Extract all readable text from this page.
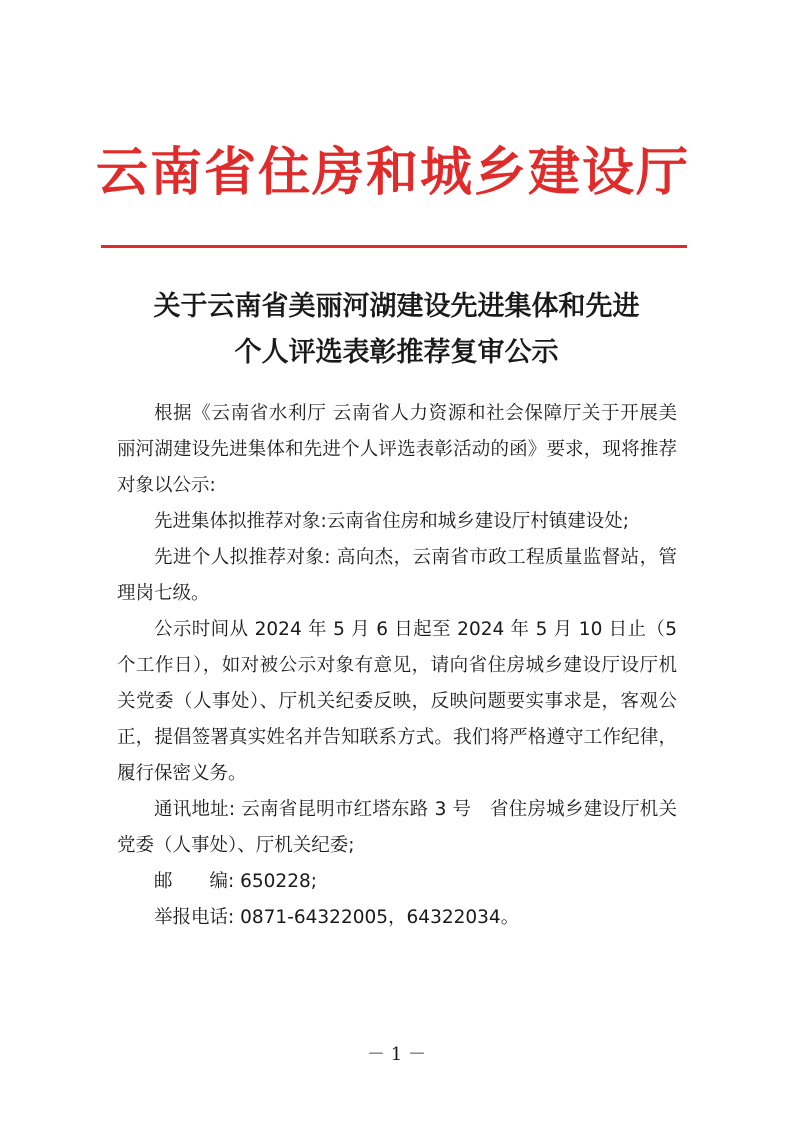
云南省住房和城乡建设厅
关于云南省美丽河湖建设先进集体和先进
个人评选表彰推荐复审公示

根据《云南省水利厅 云南省人力资源和社会保障厅关于开展美丽河湖建设先进集体和先进个人评选表彰活动的函》要求，现将推荐对象以公示:

先进集体拟推荐对象:云南省住房和城乡建设厅村镇建设处;

先进个人拟推荐对象: 高向杰，云南省市政工程质量监督站，管理岗七级。

公示时间从 2024 年 5 月 6 日起至 2024 年 5 月 10 日止（5 个工作日），如对被公示对象有意见，请向省住房城乡建设厅设厅机关党委（人事处）、厅机关纪委反映，反映问题要实事求是，客观公正，提倡签署真实姓名并告知联系方式。我们将严格遵守工作纪律，履行保密义务。

通讯地址: 云南省昆明市红塔东路 3 号　省住房城乡建设厅机关党委（人事处）、厅机关纪委;

邮　　编: 650228;

举报电话: 0871-64322005，64322034。

－ 1 －
